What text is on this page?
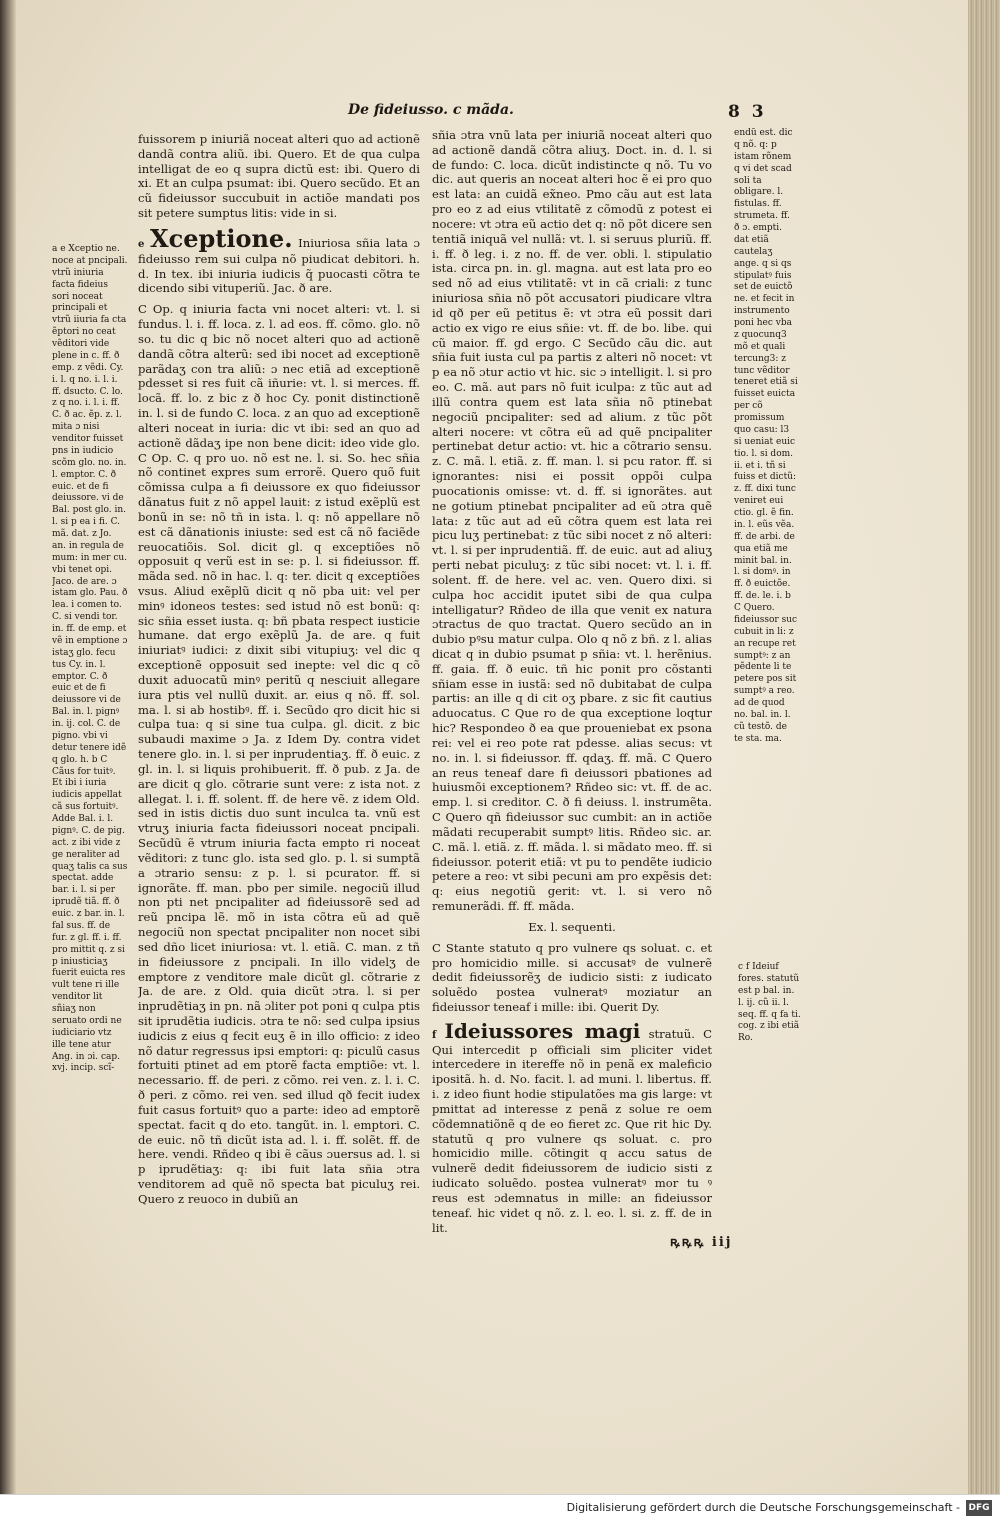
De fideiusso. c mãda.	8 3
a e Xceptio ne. noce at pncipali. vtrũ iniuria facta fideius sori noceat principali et vtrũ iiuria fa cta ẽptori no ceat vẽditori vide plene in c. ff. ð emp. z vẽdi. Cy. i. l. q no. i. l. i. ff. dsucto. C. lo. z q no. i. l. i. ff. C. ð ac. ẽp. z. l. mita ɔ nisi venditor fuisset pns in iudicio scõm glo. no. in. l. emptor. C. ð euic. et de fi deiussore. vi de Bal. post glo. in. l. si p ea i fi. C. mã. dat. z Jo. an. in regula de mum: in mer cu. vbi tenet opi. Jaco. de are. ɔ istam glo. Pau. ð lea. i comen to. C. si vendi tor. in. ff. de emp. et vẽ in emptione ɔ istaʒ glo. fecu tus Cy. in. l. emptor. C. ð euic et de fi deiussore vi de Bal. in. l. pignꝰ in. ij. col. C. de pigno. vbi vi detur tenere idẽ q glo. h. b C Cãus for tuitꝰ. Et ibi i iuria iudicis appellat cã sus fortuitꝰ. Adde Bal. i. l. pignꝰ. C. de pig. act. z ibi vide z ge neraliter ad quaʒ talis ca sus spectat. adde bar. i. l. si per iprudẽ tiã. ff. ð euic. z bar. in. l. fal sus. ff. de fur. z gl. ff. i. ff. pro mittit q. z si p iniusticiaʒ fuerit euicta res vult tene ri ille venditor lit sñiaʒ non seruato ordi ne iudiciario vtz ille tene atur Ang. in ɔi. cap. xvj. incip. scĩ-

fuissorem p iniuriã noceat alteri quo ad actionẽ dandã contra aliũ. ibi. Quero. Et de qua culpa intelligat de eo q supra dictũ est: ibi. Quero di xi. Et an culpa psumat: ibi. Quero secũdo. Et an cũ fideiussor succubuit in actiõe mandati pos sit petere sumptus litis: vide in si.

e Xceptione. Iniuriosa sñia lata ɔ fideiusso rem sui culpa nõ piudicat debitori. h. d. In tex. ibi iniuria iudicis q̃ puocasti cõtra te dicendo sibi vituperiũ. Jac. ð are.

C Op. q iniuria facta vni nocet alteri: vt. l. si fundus. l. i. ff. loca. z. l. ad eos. ff. cõmo. glo. nõ so. tu dic q bic nõ nocet alteri quo ad actionẽ dandã cõtra alterũ: sed ibi nocet ad exceptionẽ parãdaʒ con tra aliũ: ɔ nec etiã ad exceptionẽ pdesset si res fuit cã iñurie: vt. l. si merces. ff. locã. ff. lo. z bic z ð hoc Cy. ponit distinctionẽ in. l. si de fundo C. loca. z an quo ad exceptionẽ alteri noceat in iuria: dic vt ibi: sed an quo ad actionẽ dãdaʒ ipe non bene dicit: ideo vide glo. C Op. C. q pro uo. nõ est ne. l. si. So. hec sñia nõ continet expres sum errorẽ. Quero quõ fuit cõmissa culpa a fi deiussore ex quo fideiussor dãnatus fuit z nõ appel lauit: z istud exẽplũ est bonũ in se: nõ tñ in ista. l. q: nõ appellare nõ est cã dãnationis iniuste: sed est cã nõ faciẽde reuocatiõis. Sol. dicit gl. q exceptiões nõ opposuit q verũ est in se: p. l. si fideiussor. ff. mãda sed. nõ in hac. l. q: ter. dicit q exceptiões vsus. Aliud exẽplũ dicit q nõ pba uit: vel per minꝰ idoneos testes: sed istud nõ est bonũ: q: sic sñia esset iusta. q: bñ pbata respect iusticie humane. dat ergo exẽplũ Ja. de are. q fuit iniuriatꝰ iudici: z dixit sibi vitupiuʒ: vel dic q exceptionẽ opposuit sed inepte: vel dic q cõ duxit aduocatũ minꝰ peritũ q nesciuit allegare iura ptis vel nullũ duxit. ar. eius q nõ. ff. sol. ma. l. si ab hostibꝰ. ff. i. Secũdo qro dicit hic si culpa tua: q si sine tua culpa. gl. dicit. z bic subaudi maxime ɔ Ja. z Idem Dy. contra videt tenere glo. in. l. si per inprudentiaʒ. ff. ð euic. z gl. in. l. si liquis prohibuerit. ff. ð pub. z Ja. de are dicit q glo. cõtrarie sunt vere: z ista not. z allegat. l. i. ff. solent. ff. de here vẽ. z idem Old. sed in istis dictis duo sunt inculca ta. vnũ est vtruʒ iniuria facta fideiussori noceat pncipali. Secũdũ ẽ vtrum iniuria facta empto ri noceat vẽditori: z tunc glo. ista sed glo. p. l. si sumptã a ɔtrario sensu: z p. l. si pcurator. ff. si ignorãte. ff. man. pbo per simile. negociũ illud non pti net pncipaliter ad fideiussorẽ sed ad reũ pncipa lẽ. mõ in ista cõtra eũ ad quẽ negociũ non spectat pncipaliter non nocet sibi sed dño licet iniuriosa: vt. l. etiã. C. man. z tñ in fideiussore z pncipali. In illo videlʒ de emptore z venditore male dicũt gl. cõtrarie z Ja. de are. z Old. quia dicũt ɔtra. l. si per inprudẽtiaʒ in pn. nã ɔliter pot poni q culpa ptis sit iprudẽtia iudicis. ɔtra te nõ: sed culpa ipsius iudicis z eius q fecit euʒ ẽ in illo officio: z ideo nõ datur regressus ipsi emptori: q: piculũ casus fortuiti ptinet ad em ptorẽ facta emptiõe: vt. l. necessario. ff. de peri. z cõmo. rei ven. z. l. i. C. ð peri. z cõmo. rei ven. sed illud qð fecit iudex fuit casus fortuitꝰ quo a parte: ideo ad emptorẽ spectat. facit q do eto. tangũt. in. l. emptori. C. de euic. nõ tñ dicũt ista ad. l. i. ff. solẽt. ff. de here. vendi. Rñdeo q ibi ẽ cãus ɔuersus ad. l. si p iprudẽtiaʒ: q: ibi fuit lata sñia ɔtra venditorem ad quẽ nõ specta bat piculuʒ rei. Quero z reuoco in dubiũ an

sñia ɔtra vnũ lata per iniuriã noceat alteri quo ad actionẽ dandã cõtra aliuʒ. Doct. in. d. l. si de fundo: C. loca. dicũt indistincte q nõ. Tu vo dic. aut queris an noceat alteri hoc ẽ ei pro quo est lata: an cuidã ex̃neo. Pmo cãu aut est lata pro eo z ad eius vtilitatẽ z cõmodũ z potest ei nocere: vt ɔtra eũ actio det q: nõ põt dicere sen tentiã iniquã vel nullã: vt. l. si seruus pluriũ. ff. i. ff. ð leg. i. z no. ff. de ver. obli. l. stipulatio ista. circa pn. in. gl. magna. aut est lata pro eo sed nõ ad eius vtilitatẽ: vt in cã criali: z tunc iniuriosa sñia nõ põt accusatori piudicare vltra id qð per eũ petitus ẽ: vt ɔtra eũ possit dari actio ex vigo re eius sñie: vt. ff. de bo. libe. qui cũ maior. ff. gd ergo. C Secũdo cãu dic. aut sñia fuit iusta cul pa partis z alteri nõ nocet: vt p ea nõ ɔtur actio vt hic. sic ɔ intelligit. l. si pro eo. C. mã. aut pars nõ fuit iculpa: z tũc aut ad illũ contra quem est lata sñia nõ ptinebat negociũ pncipaliter: sed ad alium. z tũc põt alteri nocere: vt cõtra eũ ad quẽ pncipaliter pertinebat detur actio: vt. hic a cõtrario sensu. z. C. mã. l. etiã. z. ff. man. l. si pcu rator. ff. si ignorantes: nisi ei possit oppõi culpa puocationis omisse: vt. d. ff. si ignorãtes. aut ne gotium ptinebat pncipaliter ad eũ ɔtra quẽ lata: z tũc aut ad eũ cõtra quem est lata rei picu luʒ pertinebat: z tũc sibi nocet z nõ alteri: vt. l. si per inprudentiã. ff. de euic. aut ad aliuʒ perti nebat piculuʒ: z tũc sibi nocet: vt. l. i. ff. solent. ff. de here. vel ac. ven. Quero dixi. si culpa hoc accidit iputet sibi de qua culpa intelligatur? Rñdeo de illa que venit ex natura ɔtractus de quo tractat. Quero secũdo an in dubio pꝰsu matur culpa. Olo q nõ z bñ. z l. alias dicat q in dubio psumat p sñia: vt. l. herẽnius. ff. gaia. ff. ð euic. tñ hic ponit pro cõstanti sñiam esse in iustã: sed nõ dubitabat de culpa partis: an ille q di cit oʒ pbare. z sic fit cautius aduocatus. C Que ro de qua exceptione loqtur hic? Respondeo ð ea que proueniebat ex psona rei: vel ei reo pote rat pdesse. alias secus: vt no. in. l. si fideiussor. ff. qdaʒ. ff. mã. C Quero an reus teneaf dare fi deiussori pbationes ad huiusmõi exceptionem? Rñdeo sic: vt. ff. de ac. emp. l. si creditor. C. ð fi deiuss. l. instrumẽta. C Quero qñ fideiussor suc cumbit: an in actiõe mãdati recuperabit sumptꝰ litis. Rñdeo sic. ar. C. mã. l. etiã. z. ff. mãda. l. si mãdato meo. ff. si fideiussor. poterit etiã: vt pu to pendẽte iudicio petere a reo: vt sibi pecuni am pro expẽsis det: q: eius negotiũ gerit: vt. l. si vero nõ remunerãdi. ff. ff. mãda.

Ex. l. sequenti.

C Stante statuto q pro vulnere qs soluat. c. et pro homicidio mille. si accusatꝰ de vulnerẽ dedit fideiussorẽʒ de iudicio sisti: z iudicato soluẽdo postea vulneratꝰ moziatur an fideiussor teneaf i mille: ibi. Querit Dy.

f Ideiussores magi stratuũ. C Qui intercedit p officiali sim pliciter videt intercedere in itereffe nõ in penã ex maleficio ipositã. h. d. No. facit. l. ad muni. l. libertus. ff. i. z ideo fiunt hodie stipulatões ma gis large: vt pmittat ad interesse z penã z solue re oem cõdemnatiõnẽ q de eo fieret zc. Que rit hic Dy. statutũ q pro vulnere qs soluat. c. pro homicidio mille. cõtingit q accu satus de vulnerẽ dedit fideiussorem de iudicio sisti z iudicato soluẽdo. postea vulneratꝰ mor tu ꝰ reus est ɔdemnatus in mille: an fideiussor teneaf. hic videt q nõ. z. l. eo. l. si. z. ff. de in lit.

endũ est. dic q nõ. q: p istam rõnem q vi det scad soli ta obligare. l. fistulas. ff. strumeta. ff. ð ɔ. empti. dat etiã cautelaʒ ange. q si qs stipulatꝰ fuis set de euictõ ne. et fecit in instrumento poni hec vba z quocunq3 mõ et quali tercung3: z tunc vẽditor teneret etiã si fuisset euicta per cõ promissum quo casu: l3 si ueniat euic tio. l. si dom. ii. et i. tñ si fuiss et dictũ: z. ff. dixi tunc veniret eui ctio. gl. ẽ fin. in. l. eũs vẽa. ff. de arbi. de qua etiã me minit bal. in. l. si domꝰ. in ff. ð euictõe. ff. de. le. i. b C Quero. fideiussor suc cubuit in li: z an recupe ret sumptꝰ: z an pẽdente li te petere pos sit sumptꝰ a reo. ad de quod no. bal. in. l. cũ testõ. de te sta. ma.
c f Ideiuf fores. statutũ est p bal. in. l. ij. cũ ii. l. seq. ff. q fa ti. cog. z ibi etiã Ro.
ꝶꝶꝶ iij
Digitalisierung gefördert durch die Deutsche Forschungsgemeinschaft - DFG
